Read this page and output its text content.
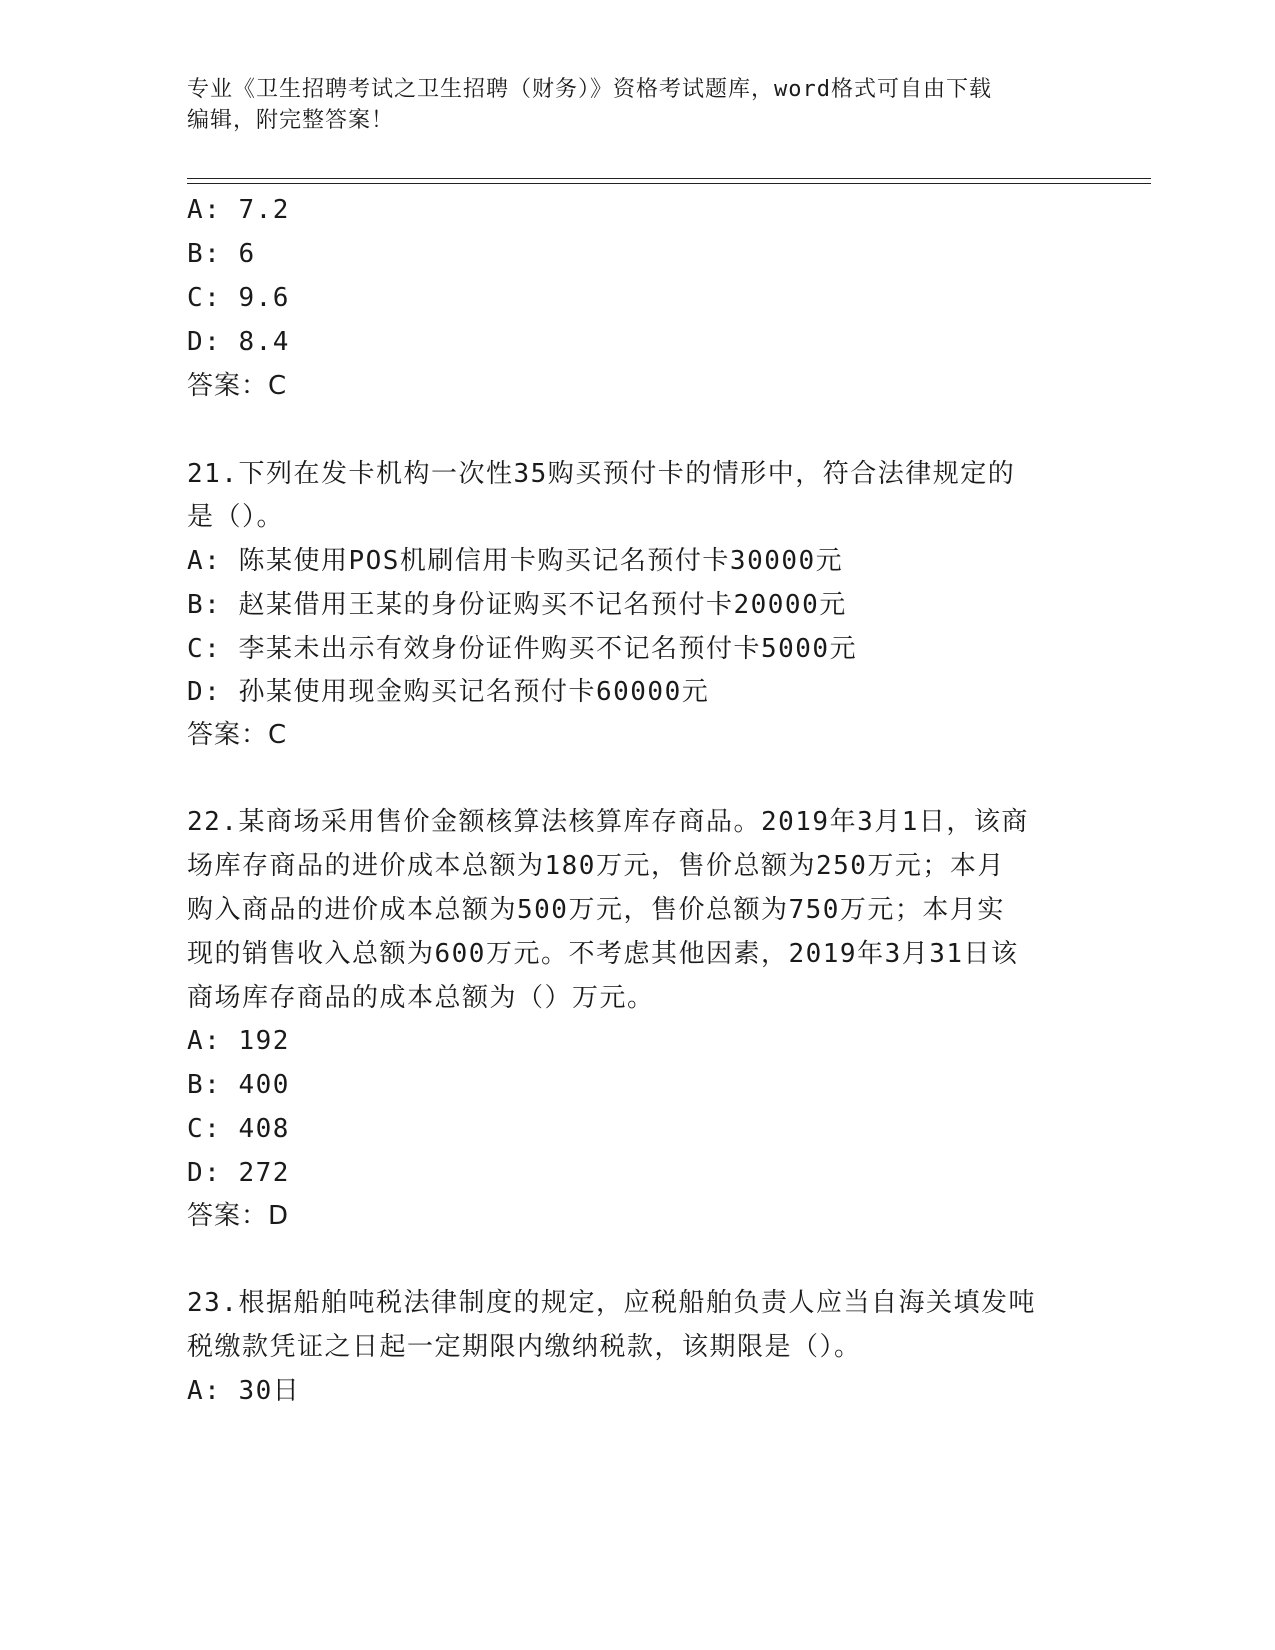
专业《卫生招聘考试之卫生招聘（财务）》资格考试题库，word格式可自由下载
编辑，附完整答案！
A: 7.2
B: 6
C: 9.6
D: 8.4
答案：C
21.下列在发卡机构一次性35购买预付卡的情形中，符合法律规定的
是（）。
A: 陈某使用POS机刷信用卡购买记名预付卡30000元
B: 赵某借用王某的身份证购买不记名预付卡20000元
C: 李某未出示有效身份证件购买不记名预付卡5000元
D: 孙某使用现金购买记名预付卡60000元
答案：C
22.某商场采用售价金额核算法核算库存商品。2019年3月1日，该商
场库存商品的进价成本总额为180万元，售价总额为250万元；本月
购入商品的进价成本总额为500万元，售价总额为750万元；本月实
现的销售收入总额为600万元。不考虑其他因素，2019年3月31日该
商场库存商品的成本总额为（）万元。
A: 192
B: 400
C: 408
D: 272
答案：D
23.根据船舶吨税法律制度的规定，应税船舶负责人应当自海关填发吨
税缴款凭证之日起一定期限内缴纳税款，该期限是（）。
A: 30日
